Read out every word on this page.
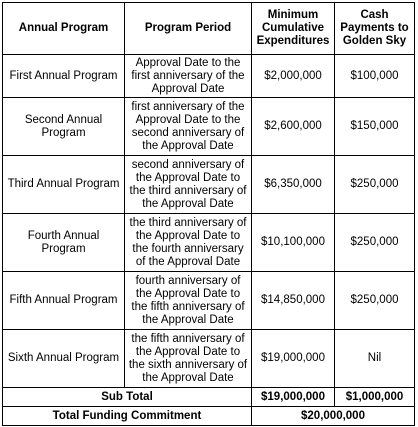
Annual Program	Program Period	Minimum Cumulative Expenditures	Cash Payments to Golden Sky
First Annual Program	Approval Date to the first anniversary of the Approval Date	$2,000,000	$100,000
Second Annual Program	first anniversary of the Approval Date to the second anniversary of the Approval Date	$2,600,000	$150,000
Third Annual Program	second anniversary of the Approval Date to the third anniversary of the Approval Date	$6,350,000	$250,000
Fourth Annual Program	the third anniversary of the Approval Date to the fourth anniversary of the Approval Date	$10,100,000	$250,000
Fifth Annual Program	fourth anniversary of the Approval Date to the fifth anniversary of the Approval Date	$14,850,000	$250,000
Sixth Annual Program	the fifth anniversary of the Approval Date to the sixth anniversary of the Approval Date	$19,000,000	Nil
Sub Total		$19,000,000	$1,000,000
Total Funding Commitment		$20,000,000	
